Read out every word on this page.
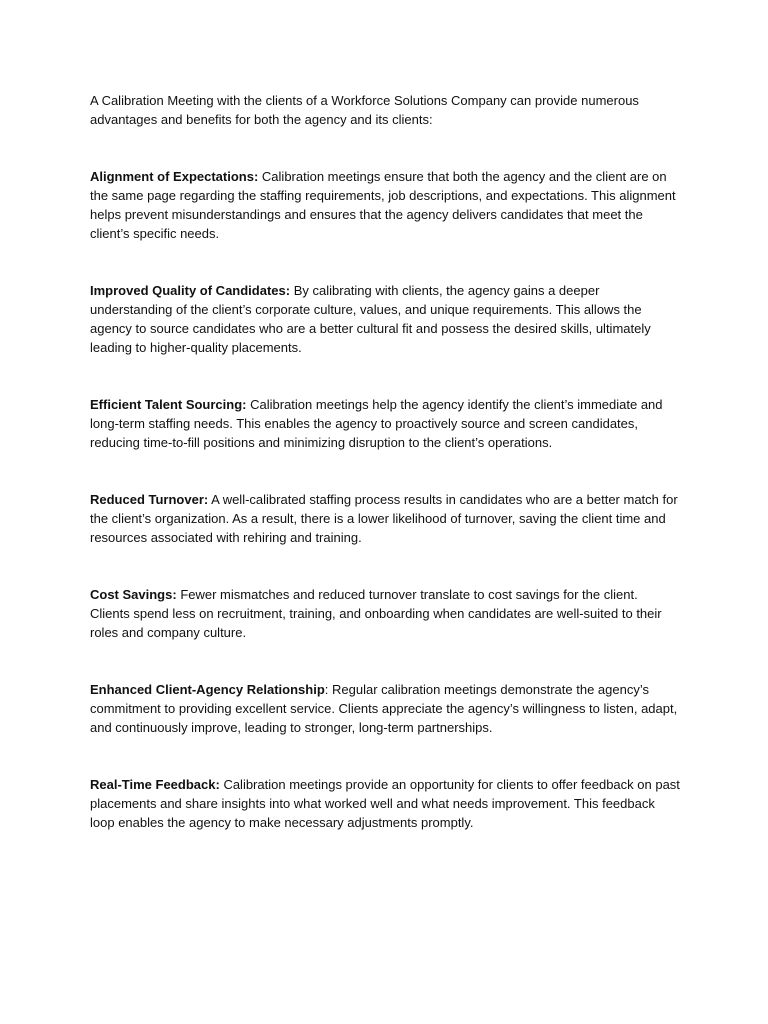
A Calibration Meeting with the clients of a Workforce Solutions Company can provide numerous advantages and benefits for both the agency and its clients:

Alignment of Expectations: Calibration meetings ensure that both the agency and the client are on the same page regarding the staffing requirements, job descriptions, and expectations. This alignment helps prevent misunderstandings and ensures that the agency delivers candidates that meet the client’s specific needs.

Improved Quality of Candidates: By calibrating with clients, the agency gains a deeper understanding of the client’s corporate culture, values, and unique requirements. This allows the agency to source candidates who are a better cultural fit and possess the desired skills, ultimately leading to higher-quality placements.

Efficient Talent Sourcing: Calibration meetings help the agency identify the client’s immediate and long-term staffing needs. This enables the agency to proactively source and screen candidates, reducing time-to-fill positions and minimizing disruption to the client’s operations.

Reduced Turnover: A well-calibrated staffing process results in candidates who are a better match for the client’s organization. As a result, there is a lower likelihood of turnover, saving the client time and resources associated with rehiring and training.

Cost Savings: Fewer mismatches and reduced turnover translate to cost savings for the client. Clients spend less on recruitment, training, and onboarding when candidates are well-suited to their roles and company culture.

Enhanced Client-Agency Relationship: Regular calibration meetings demonstrate the agency’s commitment to providing excellent service. Clients appreciate the agency’s willingness to listen, adapt, and continuously improve, leading to stronger, long-term partnerships.

Real-Time Feedback: Calibration meetings provide an opportunity for clients to offer feedback on past placements and share insights into what worked well and what needs improvement. This feedback loop enables the agency to make necessary adjustments promptly.
